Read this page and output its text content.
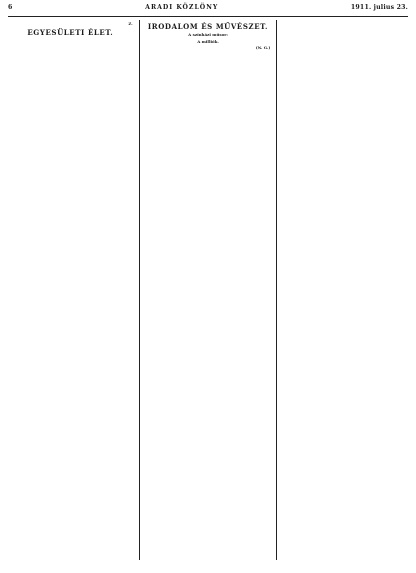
6	ARADI KÖZLÖNY	1911. julius 23.

Z.
EGYESÜLETI ÉLET.

IRODALOM ÉS MŰVÉSZET.
A színházi műsor:

A milliók.

(N. G.)
